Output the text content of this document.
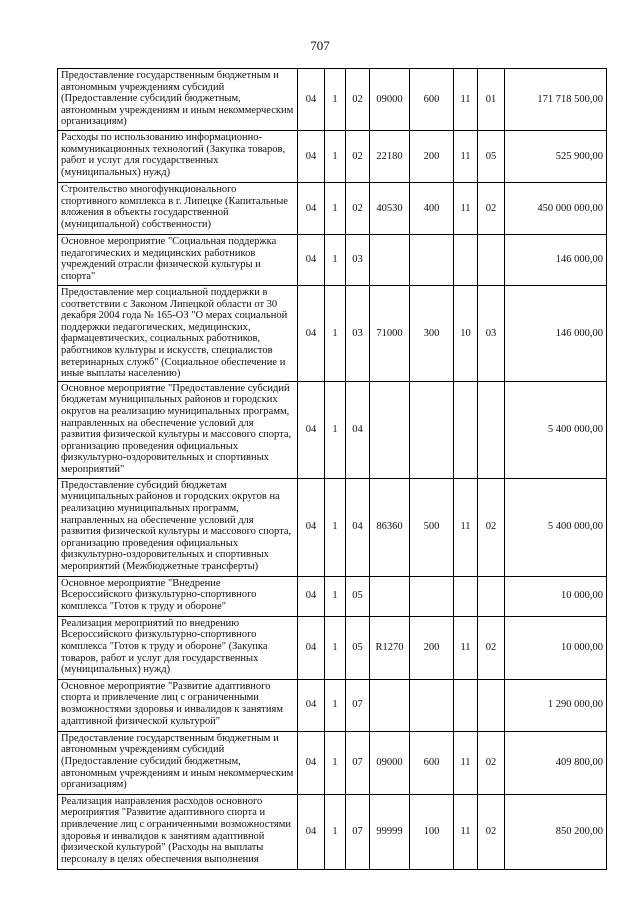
707
Предоставление государственным бюджетным и автономным учреждениям субсидий (Предоставление субсидий бюджетным, автономным учреждениям и иным некоммерческим организациям)	04	1	02	09000	600	11	01	171 718 500,00
Расходы по использованию информационно-коммуникационных технологий (Закупка товаров, работ и услуг для государственных (муниципальных) нужд)	04	1	02	22180	200	11	05	525 900,00
Строительство многофункционального спортивного комплекса в г. Липецке (Капитальные вложения в объекты государственной (муниципальной) собственности)	04	1	02	40530	400	11	02	450 000 000,00
Основное мероприятие "Социальная поддержка педагогических и медицинских работников учреждений отрасли физической культуры и спорта"	04	1	03					146 000,00
Предоставление мер социальной поддержки в соответствии с Законом Липецкой области от 30 декабря 2004 года № 165-ОЗ "О мерах социальной поддержки педагогических, медицинских, фармацевтических, социальных работников, работников культуры и искусств, специалистов ветеринарных служб" (Социальное обеспечение и иные выплаты населению)	04	1	03	71000	300	10	03	146 000,00
Основное мероприятие "Предоставление субсидий бюджетам муниципальных районов и городских округов на реализацию муниципальных программ, направленных на обеспечение условий для развития физической культуры и массового спорта, организацию проведения официальных физкультурно-оздоровительных и спортивных мероприятий"	04	1	04					5 400 000,00
Предоставление субсидий бюджетам муниципальных районов и городских округов на реализацию муниципальных программ, направленных на обеспечение условий для развития физической культуры и массового спорта, организацию проведения официальных физкультурно-оздоровительных и спортивных мероприятий (Межбюджетные трансферты)	04	1	04	86360	500	11	02	5 400 000,00
Основное мероприятие "Внедрение Всероссийского физкультурно-спортивного комплекса "Готов к труду и обороне"	04	1	05					10 000,00
Реализация мероприятий по внедрению Всероссийского физкультурно-спортивного комплекса "Готов к труду и обороне" (Закупка товаров, работ и услуг для государственных (муниципальных) нужд)	04	1	05	R1270	200	11	02	10 000,00
Основное мероприятие "Развитие адаптивного спорта и привлечение лиц с ограниченными возможностями здоровья и инвалидов к занятиям адаптивной физической культурой"	04	1	07					1 290 000,00
Предоставление государственным бюджетным и автономным учреждениям субсидий (Предоставление субсидий бюджетным, автономным учреждениям и иным некоммерческим организациям)	04	1	07	09000	600	11	02	409 800,00
Реализация направления расходов основного мероприятия "Развитие адаптивного спорта и привлечение лиц с ограниченными возможностями здоровья и инвалидов к занятиям адаптивной физической культурой" (Расходы на выплаты персоналу в целях обеспечения выполнения	04	1	07	99999	100	11	02	850 200,00
